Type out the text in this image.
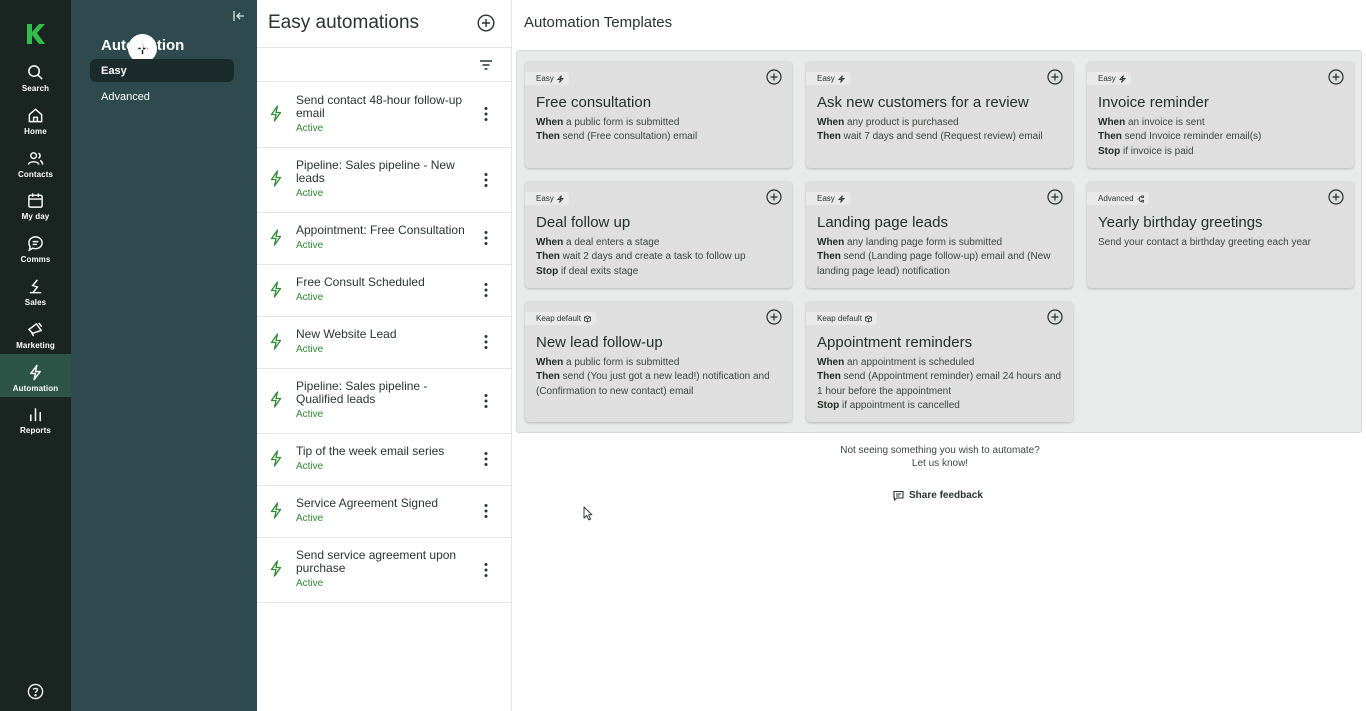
Search
Home
Contacts
My day
Comms
Sales
Marketing
Automation
Reports
Automation
Easy
Advanced
Easy automations
Send contact 48-hour follow-up email
Active
Pipeline: Sales pipeline - New leads
Active
Appointment: Free Consultation
Active
Free Consult Scheduled
Active
New Website Lead
Active
Pipeline: Sales pipeline - Qualified leads
Active
Tip of the week email series
Active
Service Agreement Signed
Active
Send service agreement upon purchase
Active
Automation Templates
Easy
Free consultation
When a public form is submitted
Then send (Free consultation) email
Easy
Ask new customers for a review
When any product is purchased
Then wait 7 days and send (Request review) email
Easy
Invoice reminder
When an invoice is sent
Then send Invoice reminder email(s)
Stop if invoice is paid
Easy
Deal follow up
When a deal enters a stage
Then wait 2 days and create a task to follow up
Stop if deal exits stage
Easy
Landing page leads
When any landing page form is submitted
Then send (Landing page follow-up) email and (New landing page lead) notification
Advanced
Yearly birthday greetings
Send your contact a birthday greeting each year
Keap default
New lead follow-up
When a public form is submitted
Then send (You just got a new lead!) notification and (Confirmation to new contact) email
Keap default
Appointment reminders
When an appointment is scheduled
Then send (Appointment reminder) email 24 hours and 1 hour before the appointment
Stop if appointment is cancelled
Not seeing something you wish to automate?
Let us know!
Share feedback
